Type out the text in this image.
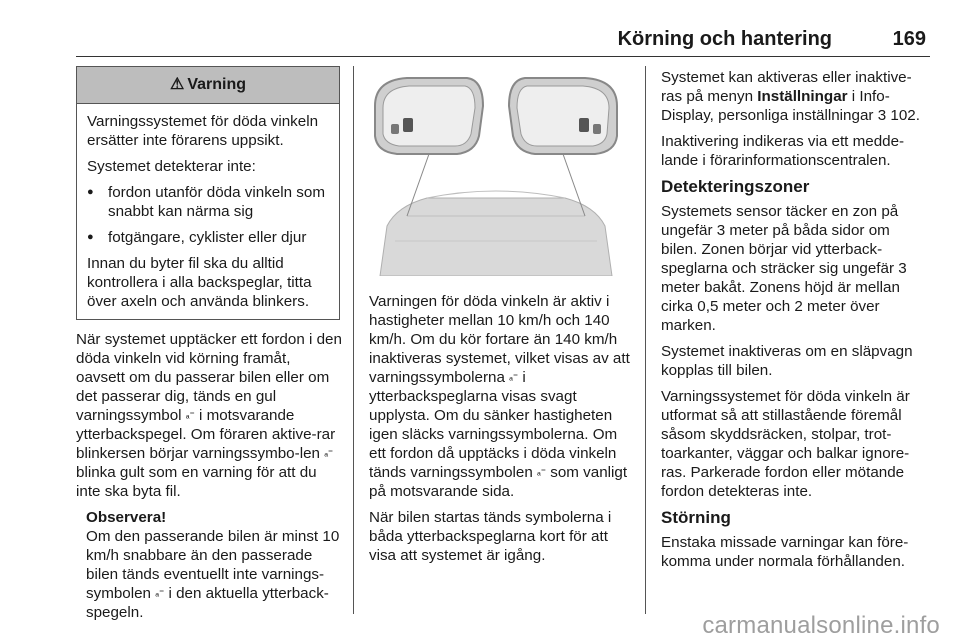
Körning och hantering	169
⚠ Varning

Varningssystemet för döda vinkeln ersätter inte förarens uppsikt.

Systemet detekterar inte:

● fordon utanför döda vinkeln som snabbt kan närma sig

● fotgängare, cyklister eller djur

Innan du byter fil ska du alltid kontrollera i alla backspeglar, titta över axeln och använda blinkers.

När systemet upptäcker ett fordon i den döda vinkeln vid körning framåt, oavsett om du passerar bilen eller om det passerar dig, tänds en gul varningssymbol ₐ⁼ i motsvarande ytterbackspegel. Om föraren aktive-rar blinkersen börjar varningssymbo-len ₐ⁼ blinka gult som en varning för att du inte ska byta fil.

Observera!
Om den passerande bilen är minst 10 km/h snabbare än den passerade bilen tänds eventuellt inte varnings-symbolen ₐ⁼ i den aktuella ytterback-spegeln.

Varningen för döda vinkeln är aktiv i hastigheter mellan 10 km/h och 140 km/h. Om du kör fortare än 140 km/h inaktiveras systemet, vilket visas av att varningssymbolerna ₐ⁼ i ytterbackspeglarna visas svagt upplysta. Om du sänker hastigheten igen släcks varningssymbolerna. Om ett fordon då upptäcks i döda vinkeln tänds varningssymbolen ₐ⁼ som vanligt på motsvarande sida.

När bilen startas tänds symbolerna i båda ytterbackspeglarna kort för att visa att systemet är igång.

Systemet kan aktiveras eller inaktive-ras på menyn Inställningar i Info-Display, personliga inställningar 3 102.

Inaktivering indikeras via ett medde-lande i förarinformationscentralen.

Detekteringszoner

Systemets sensor täcker en zon på ungefär 3 meter på båda sidor om bilen. Zonen börjar vid ytterback-speglarna och sträcker sig ungefär 3 meter bakåt. Zonens höjd är mellan cirka 0,5 meter och 2 meter över marken.

Systemet inaktiveras om en släpvagn kopplas till bilen.

Varningssystemet för döda vinkeln är utformat så att stillastående föremål såsom skyddsräcken, stolpar, trot-toarkanter, väggar och balkar ignore-ras. Parkerade fordon eller mötande fordon detekteras inte.

Störning

Enstaka missade varningar kan före-komma under normala förhållanden.

carmanualsonline.info
